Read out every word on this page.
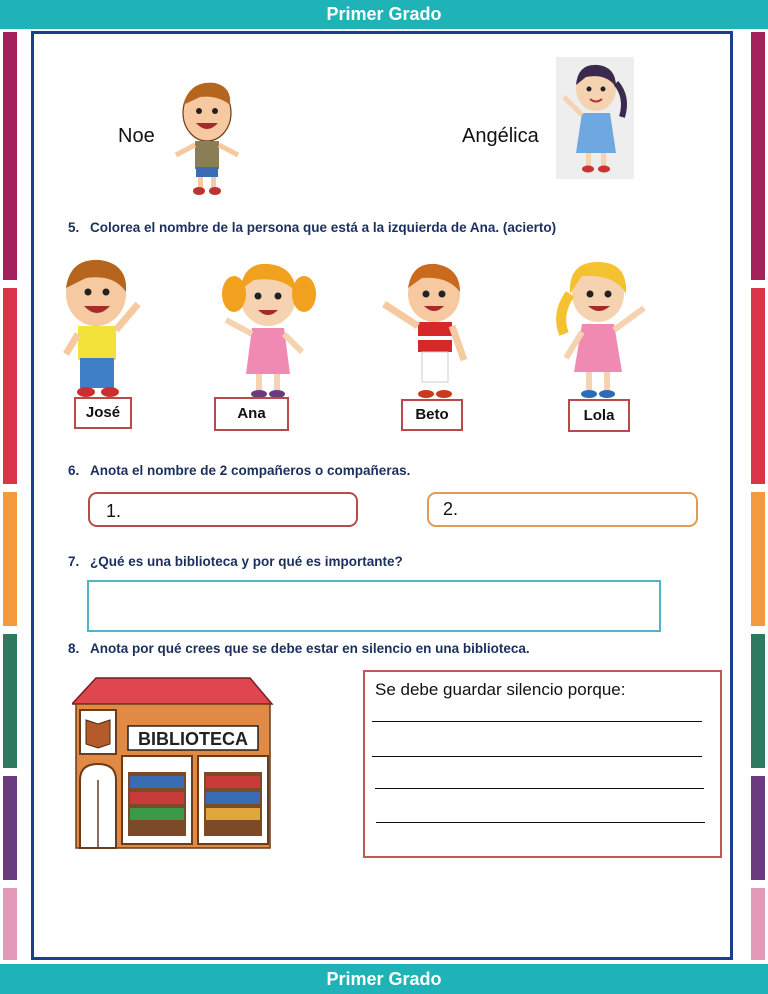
Primer Grado
Noe	Angélica
5. Colorea el nombre de la persona que está a la izquierda de Ana. (acierto)
José	Ana	Beto	Lola
6. Anota el nombre de 2 compañeros o compañeras.
1.	2.
7. ¿Qué es una biblioteca y por qué es importante?
8. Anota por qué crees que se debe estar en silencio en una biblioteca.
BIBLIOTECA
Se debe guardar silencio porque:
Primer Grado
